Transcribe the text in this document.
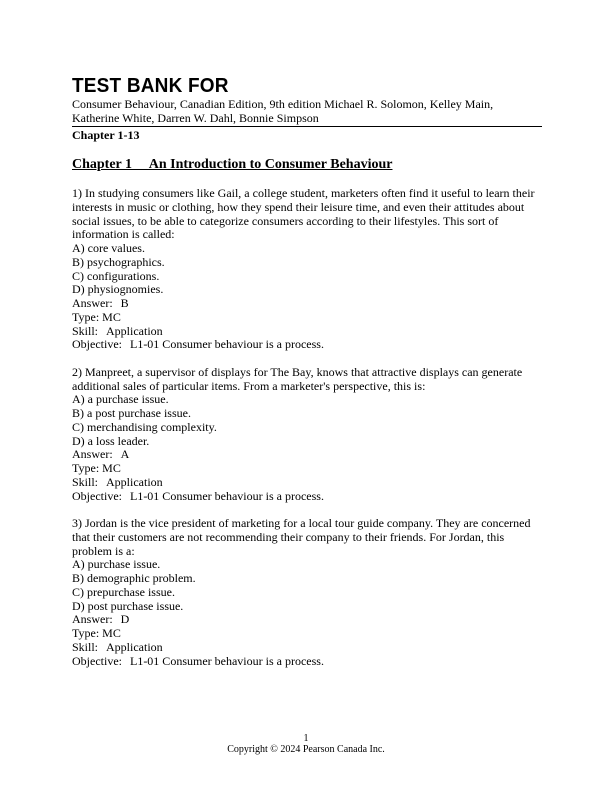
TEST BANK FOR
Consumer Behaviour, Canadian Edition, 9th edition Michael R. Solomon, Kelley Main, Katherine White, Darren W. Dahl, Bonnie Simpson
Chapter 1-13
Chapter 1     An Introduction to Consumer Behaviour
1) In studying consumers like Gail, a college student, marketers often find it useful to learn their interests in music or clothing, how they spend their leisure time, and even their attitudes about social issues, to be able to categorize consumers according to their lifestyles. This sort of information is called:
A) core values.
B) psychographics.
C) configurations.
D) physiognomies.
Answer: B
Type: MC
Skill: Application
Objective: L1-01 Consumer behaviour is a process.
2) Manpreet, a supervisor of displays for The Bay, knows that attractive displays can generate additional sales of particular items. From a marketer's perspective, this is:
A) a purchase issue.
B) a post purchase issue.
C) merchandising complexity.
D) a loss leader.
Answer: A
Type: MC
Skill: Application
Objective: L1-01 Consumer behaviour is a process.
3) Jordan is the vice president of marketing for a local tour guide company. They are concerned that their customers are not recommending their company to their friends. For Jordan, this problem is a:
A) purchase issue.
B) demographic problem.
C) prepurchase issue.
D) post purchase issue.
Answer: D
Type: MC
Skill: Application
Objective: L1-01 Consumer behaviour is a process.
1
Copyright © 2024 Pearson Canada Inc.
